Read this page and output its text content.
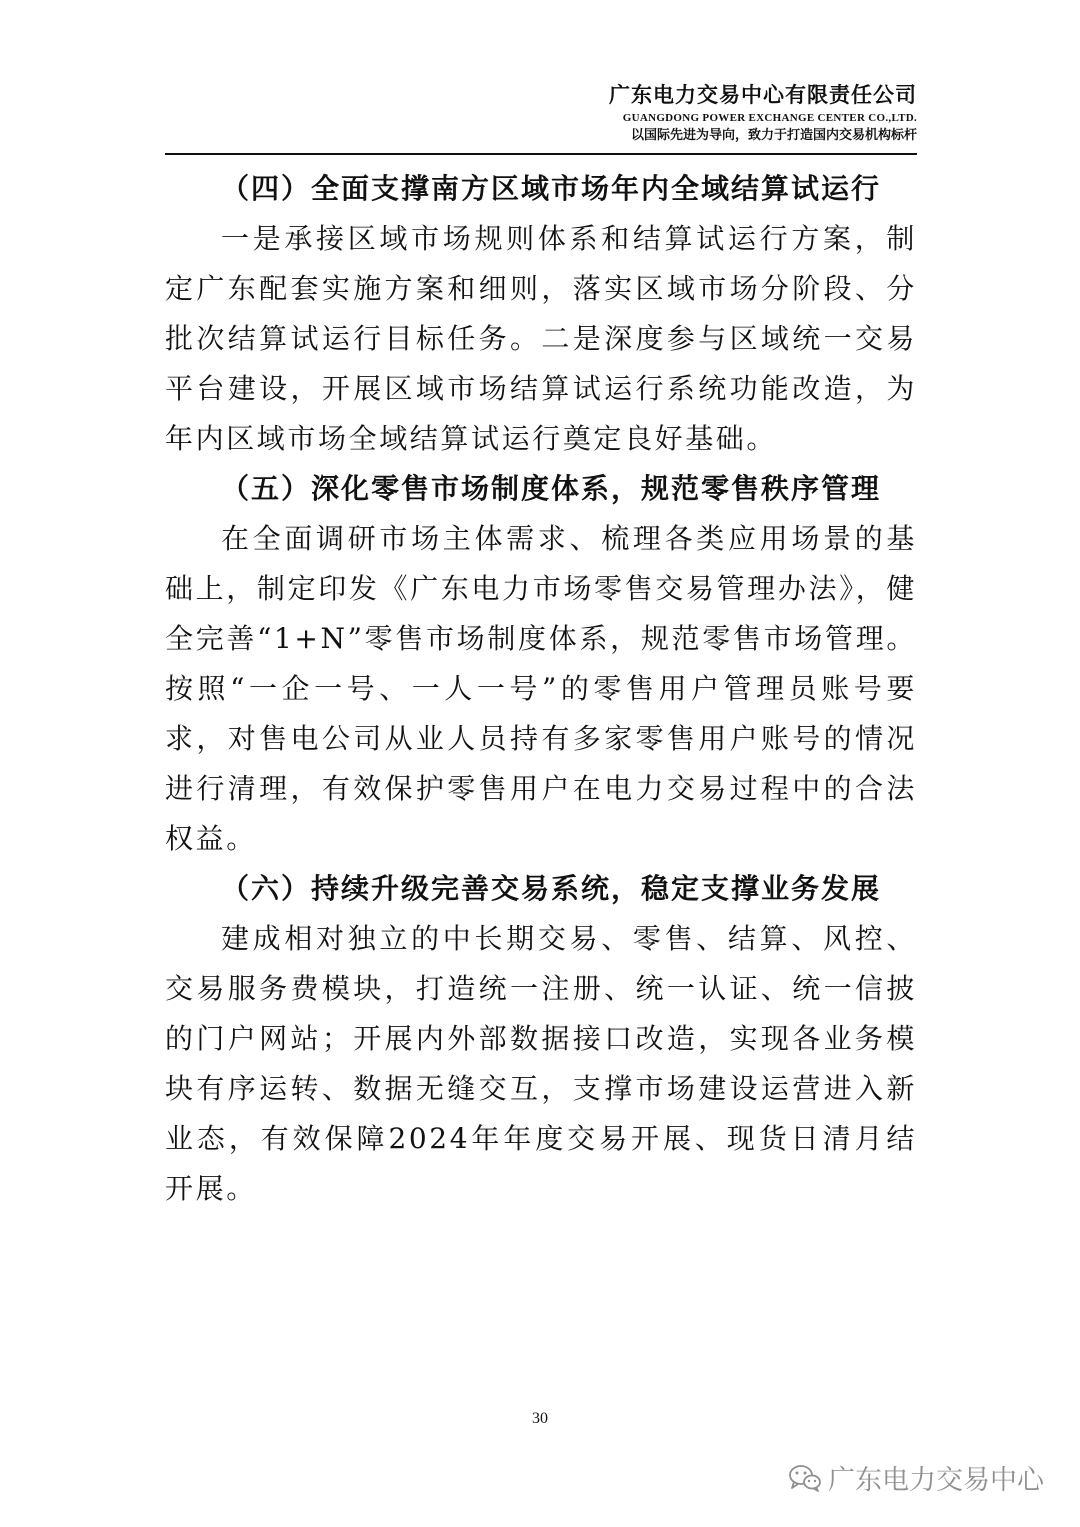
广东电力交易中心有限责任公司
GUANGDONG POWER EXCHANGE CENTER CO.,LTD.
以国际先进为导向，致力于打造国内交易机构标杆
（四）全面支撑南方区域市场年内全域结算试运行

一是承接区域市场规则体系和结算试运行方案，制定广东配套实施方案和细则，落实区域市场分阶段、分批次结算试运行目标任务。二是深度参与区域统一交易平台建设，开展区域市场结算试运行系统功能改造，为年内区域市场全域结算试运行奠定良好基础。

（五）深化零售市场制度体系，规范零售秩序管理

在全面调研市场主体需求、梳理各类应用场景的基础上，制定印发《广东电力市场零售交易管理办法》，健全完善“1+N”零售市场制度体系，规范零售市场管理。按照“一企一号、一人一号”的零售用户管理员账号要求，对售电公司从业人员持有多家零售用户账号的情况进行清理，有效保护零售用户在电力交易过程中的合法权益。

（六）持续升级完善交易系统，稳定支撑业务发展

建成相对独立的中长期交易、零售、结算、风控、交易服务费模块，打造统一注册、统一认证、统一信披的门户网站；开展内外部数据接口改造，实现各业务模块有序运转、数据无缝交互，支撑市场建设运营进入新业态，有效保障2024年年度交易开展、现货日清月结开展。

30
广东电力交易中心
